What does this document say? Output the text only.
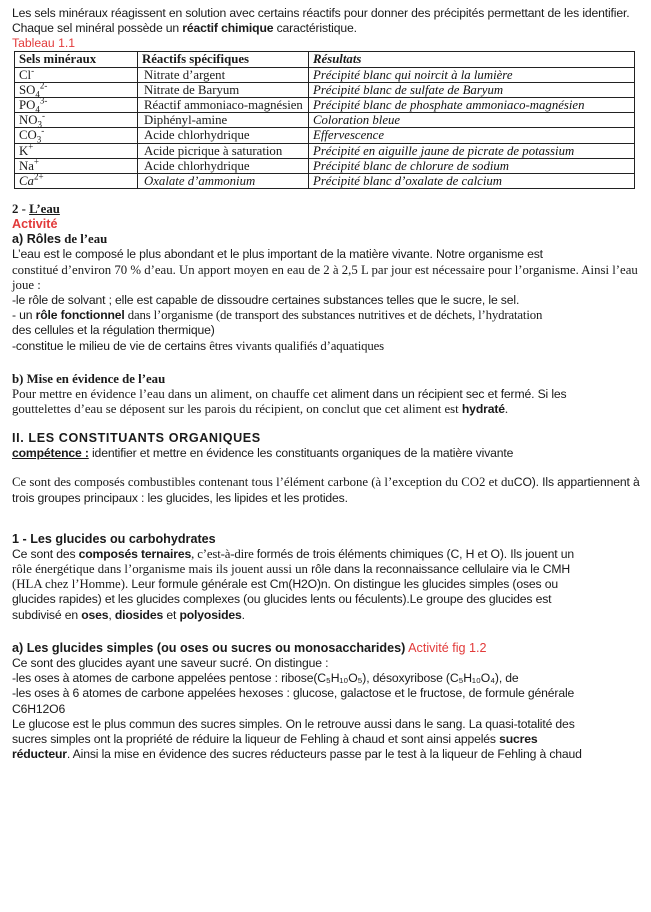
Les sels minéraux réagissent en solution avec certains réactifs pour donner des précipités permettant de les identifier. Chaque sel minéral possède un réactif chimique caractéristique.

Tableau 1.1

Sels minéraux	Réactifs spécifiques	Résultats
Cl-	Nitrate d’argent	Précipité blanc qui noircit à la lumière
$SO_4^{2-}$	Nitrate de Baryum	Précipité blanc de sulfate de Baryum
$PO_4^{3-}$	Réactif ammoniaco-magnésien	Précipité blanc de phosphate ammoniaco-magnésien
$NO_3^-$	Diphényl-amine	Coloration bleue
$CO_3^-$	Acide chlorhydrique	Effervescence
K+	Acide picrique à saturation	Précipité en aiguille jaune de picrate de potassium
Na+	Acide chlorhydrique	Précipité blanc de chlorure de sodium
$Ca^{2+}$	Oxalate d’ammonium	Précipité blanc d’oxalate de calcium

2 - L’eau

Activité

a) Rôles de l’eau

L’eau est le composé le plus abondant et le plus important de la matière vivante. Notre organisme est

constitué d’environ 70 % d’eau. Un apport moyen en eau de 2 à 2,5 L par jour est nécessaire pour l’organisme. Ainsi l’eau joue :

-le rôle de solvant ; elle est capable de dissoudre certaines substances telles que le sucre, le sel.

- un rôle fonctionnel dans l’organisme (de transport des substances nutritives et de déchets, l’hydratation

des cellules et la régulation thermique)

-constitue le milieu de vie de certains êtres vivants qualifiés d’aquatiques

b) Mise en évidence de l’eau

Pour mettre en évidence l’eau dans un aliment, on chauffe cet aliment dans un récipient sec et fermé. Si les

gouttelettes d’eau se déposent sur les parois du récipient, on conclut que cet aliment est hydraté.

II. LES CONSTITUANTS ORGANIQUES

compétence : identifier et mettre en évidence les constituants organiques de la matière vivante

Ce sont des composés combustibles contenant tous l’élément carbone (à l’exception du CO2 et duCO). Ils appartiennent à trois groupes principaux : les glucides, les lipides et les protides.

1 - Les glucides ou carbohydrates

Ce sont des composés ternaires, c’est-à-dire formés de trois éléments chimiques (C, H et O). Ils jouent un

rôle énergétique dans l’organisme mais ils jouent aussi un rôle dans la reconnaissance cellulaire via le CMH

(HLA chez l’Homme). Leur formule générale est Cm(H2O)n. On distingue les glucides simples (oses ou

glucides rapides) et les glucides complexes (ou glucides lents ou féculents).Le groupe des glucides est

subdivisé en oses, diosides et polyosides.

a) Les glucides simples (ou oses ou sucres ou monosaccharides) Activité fig 1.2

Ce sont des glucides ayant une saveur sucré. On distingue :

-les oses à atomes de carbone appelées pentose : ribose(C₅H₁₀O₅), désoxyribose (C₅H₁₀O₄), de

-les oses à 6 atomes de carbone appelées hexoses : glucose, galactose et le fructose, de formule générale

C6H12O6

Le glucose est le plus commun des sucres simples. On le retrouve aussi dans le sang. La quasi-totalité des

sucres simples ont la propriété de réduire la liqueur de Fehling à chaud et sont ainsi appelés sucres

réducteur. Ainsi la mise en évidence des sucres réducteurs passe par le test à la liqueur de Fehling à chaud
